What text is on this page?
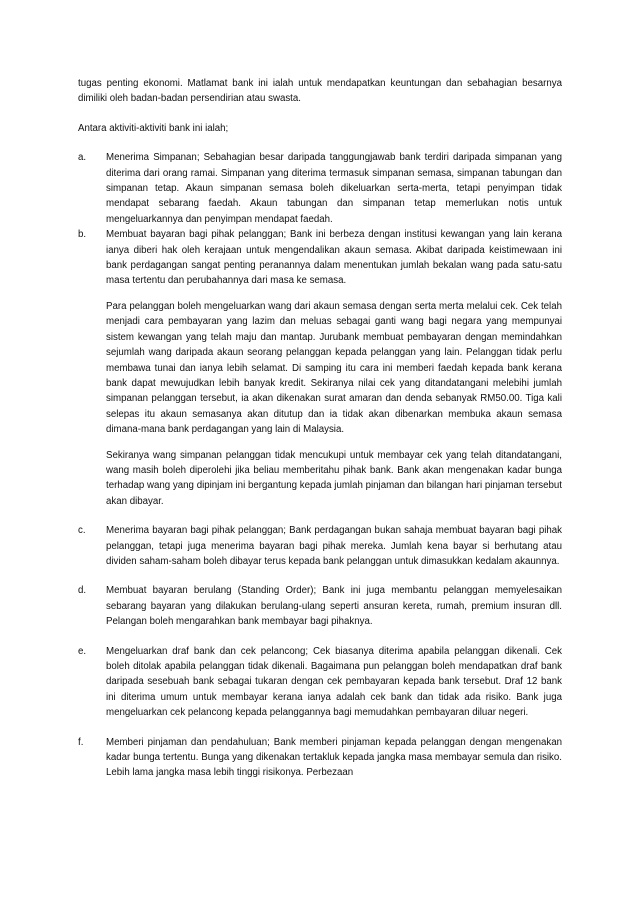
tugas penting ekonomi. Matlamat bank ini ialah untuk mendapatkan keuntungan dan sebahagian besarnya dimiliki oleh badan-badan persendirian atau swasta.

Antara aktiviti-aktiviti bank ini ialah;

a.	Menerima Simpanan; Sebahagian besar daripada tanggungjawab bank terdiri daripada simpanan yang diterima dari orang ramai. Simpanan yang diterima termasuk simpanan semasa, simpanan tabungan dan simpanan tetap. Akaun simpanan semasa boleh dikeluarkan serta-merta, tetapi penyimpan tidak mendapat sebarang faedah. Akaun tabungan dan simpanan tetap memerlukan notis untuk mengeluarkannya dan penyimpan mendapat faedah.

b.	Membuat bayaran bagi pihak pelanggan; Bank ini berbeza dengan institusi kewangan yang lain kerana ianya diberi hak oleh kerajaan untuk mengendalikan akaun semasa. Akibat daripada keistimewaan ini bank perdagangan sangat penting peranannya dalam menentukan jumlah bekalan wang pada satu-satu masa tertentu dan perubahannya dari masa ke semasa.

Para pelanggan boleh mengeluarkan wang dari akaun semasa dengan serta merta melalui cek. Cek telah menjadi cara pembayaran yang lazim dan meluas sebagai ganti wang bagi negara yang mempunyai sistem kewangan yang telah maju dan mantap. Jurubank membuat pembayaran dengan memindahkan sejumlah wang daripada akaun seorang pelanggan kepada pelanggan yang lain. Pelanggan tidak perlu membawa tunai dan ianya lebih selamat. Di samping itu cara ini memberi faedah kepada bank kerana bank dapat mewujudkan lebih banyak kredit. Sekiranya nilai cek yang ditandatangani melebihi jumlah simpanan pelanggan tersebut, ia akan dikenakan surat amaran dan denda sebanyak RM50.00. Tiga kali selepas itu akaun semasanya akan ditutup dan ia tidak akan dibenarkan membuka akaun semasa dimana-mana bank perdagangan yang lain di Malaysia.

Sekiranya wang simpanan pelanggan tidak mencukupi untuk membayar cek yang telah ditandatangani, wang masih boleh diperolehi jika beliau memberitahu pihak bank. Bank akan mengenakan kadar bunga terhadap wang yang dipinjam ini bergantung kepada jumlah pinjaman dan bilangan hari pinjaman tersebut akan dibayar.

c.	Menerima bayaran bagi pihak pelanggan; Bank perdagangan bukan sahaja membuat bayaran bagi pihak pelanggan, tetapi juga menerima bayaran bagi pihak mereka. Jumlah kena bayar si berhutang atau dividen saham-saham boleh dibayar terus kepada bank pelanggan untuk dimasukkan kedalam akaunnya.

d.	Membuat bayaran berulang (Standing Order); Bank ini juga membantu pelanggan memyelesaikan sebarang bayaran yang dilakukan berulang-ulang seperti ansuran kereta, rumah, premium insuran dll. Pelangan boleh mengarahkan bank membayar bagi pihaknya.

e.	Mengeluarkan draf bank dan cek pelancong; Cek biasanya diterima apabila pelanggan dikenali. Cek boleh ditolak apabila pelanggan tidak dikenali. Bagaimana pun pelanggan boleh mendapatkan draf bank daripada sesebuah bank sebagai tukaran dengan cek pembayaran kepada bank tersebut. Draf 12 bank ini diterima umum untuk membayar kerana ianya adalah cek bank dan tidak ada risiko. Bank juga mengeluarkan cek pelancong kepada pelanggannya bagi memudahkan pembayaran diluar negeri.

f.	Memberi pinjaman dan pendahuluan; Bank memberi pinjaman kepada pelanggan dengan mengenakan kadar bunga tertentu. Bunga yang dikenakan tertakluk kepada jangka masa membayar semula dan risiko. Lebih lama jangka masa lebih tinggi risikonya. Perbezaan
